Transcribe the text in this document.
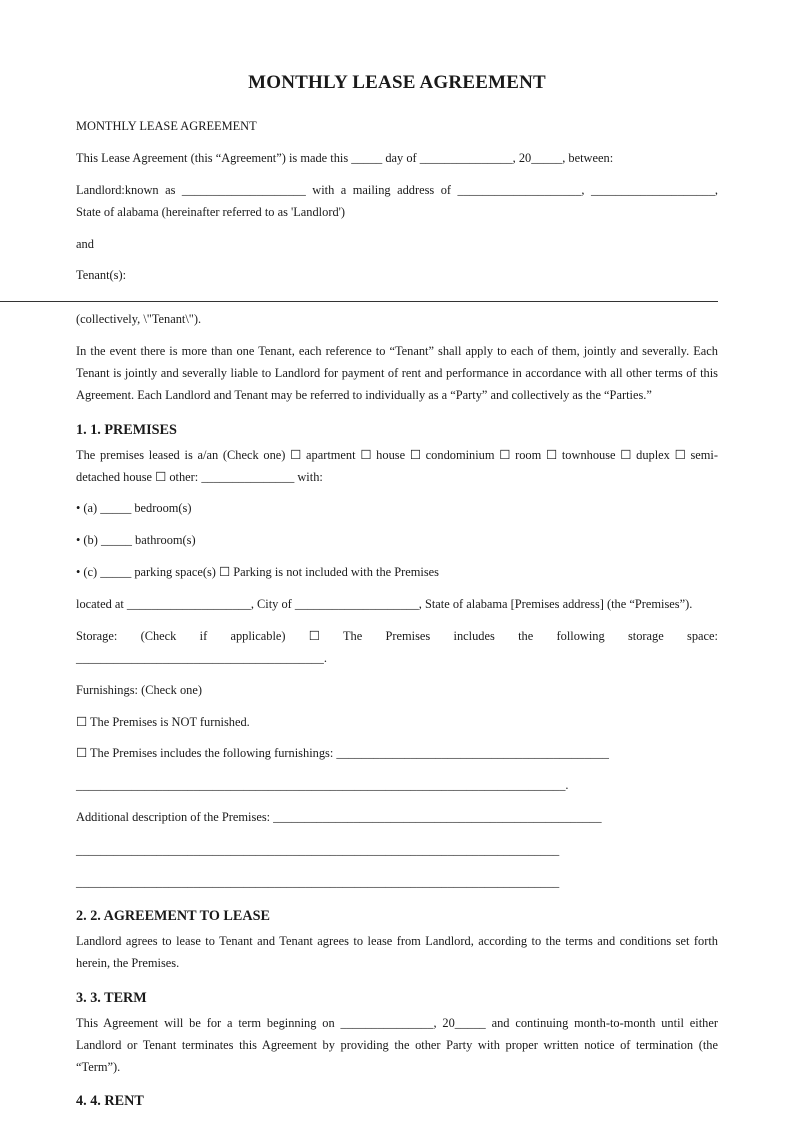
MONTHLY LEASE AGREEMENT
MONTHLY LEASE AGREEMENT
This Lease Agreement (this “Agreement”) is made this _____ day of _______________, 20_____, between:
Landlord:known as ____________________ with a mailing address of ____________________, ____________________,
State of alabama (hereinafter referred to as 'Landlord')
and
Tenant(s):
(collectively, \"Tenant\").
In the event there is more than one Tenant, each reference to “Tenant” shall apply to each of them, jointly and severally. Each Tenant is jointly and severally liable to Landlord for payment of rent and performance in accordance with all other terms of this Agreement. Each Landlord and Tenant may be referred to individually as a “Party” and collectively as the “Parties.”
1. 1. PREMISES
The premises leased is a/an (Check one) ☐ apartment ☐ house ☐ condominium ☐ room ☐ townhouse ☐ duplex ☐ semi-
detached house ☐ other: _______________ with:
• (a) _____ bedroom(s)
• (b) _____ bathroom(s)
• (c) _____ parking space(s) ☐ Parking is not included with the Premises
located at ____________________, City of ____________________, State of alabama [Premises address] (the “Premises”).
Storage: (Check if applicable) ☐ The Premises includes the following storage space:
________________________________________.
Furnishings: (Check one)
☐ The Premises is NOT furnished.
☐ The Premises includes the following furnishings: ____________________________________________
_______________________________________________________________________________.
Additional description of the Premises: _____________________________________________________
______________________________________________________________________________
______________________________________________________________________________
2. 2. AGREEMENT TO LEASE
Landlord agrees to lease to Tenant and Tenant agrees to lease from Landlord, according to the terms and conditions set forth herein, the Premises.
3. 3. TERM
This Agreement will be for a term beginning on _______________, 20_____ and continuing month-to-month until either Landlord or Tenant terminates this Agreement by providing the other Party with proper written notice of termination (the “Term”).
4. 4. RENT
